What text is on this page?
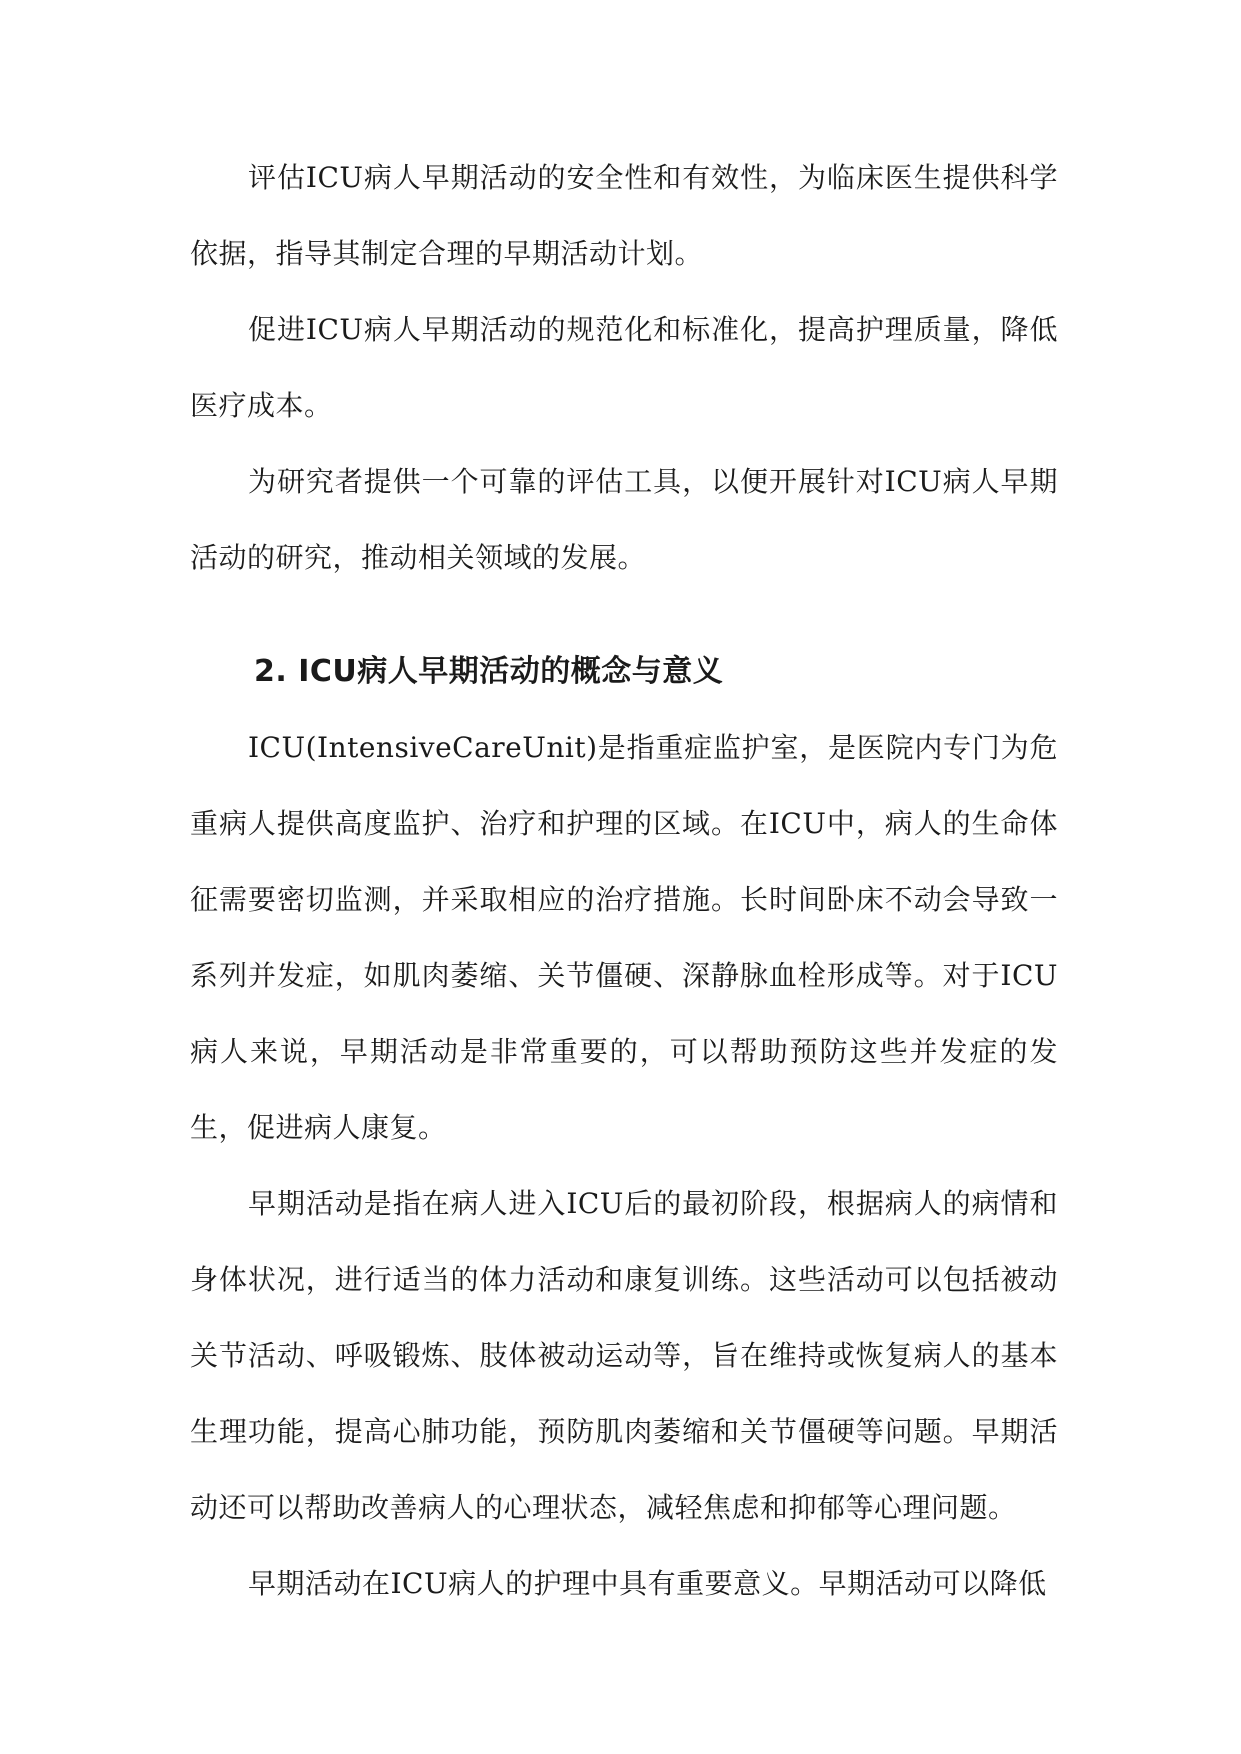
评估ICU病人早期活动的安全性和有效性，为临床医生提供科学依据，指导其制定合理的早期活动计划。

促进ICU病人早期活动的规范化和标准化，提高护理质量，降低医疗成本。

为研究者提供一个可靠的评估工具，以便开展针对ICU病人早期活动的研究，推动相关领域的发展。

2. ICU病人早期活动的概念与意义

ICU(IntensiveCareUnit)是指重症监护室，是医院内专门为危重病人提供高度监护、治疗和护理的区域。在ICU中，病人的生命体征需要密切监测，并采取相应的治疗措施。长时间卧床不动会导致一系列并发症，如肌肉萎缩、关节僵硬、深静脉血栓形成等。对于ICU病人来说，早期活动是非常重要的，可以帮助预防这些并发症的发生，促进病人康复。

早期活动是指在病人进入ICU后的最初阶段，根据病人的病情和身体状况，进行适当的体力活动和康复训练。这些活动可以包括被动关节活动、呼吸锻炼、肢体被动运动等，旨在维持或恢复病人的基本生理功能，提高心肺功能，预防肌肉萎缩和关节僵硬等问题。早期活动还可以帮助改善病人的心理状态，减轻焦虑和抑郁等心理问题。

早期活动在ICU病人的护理中具有重要意义。早期活动可以降低
